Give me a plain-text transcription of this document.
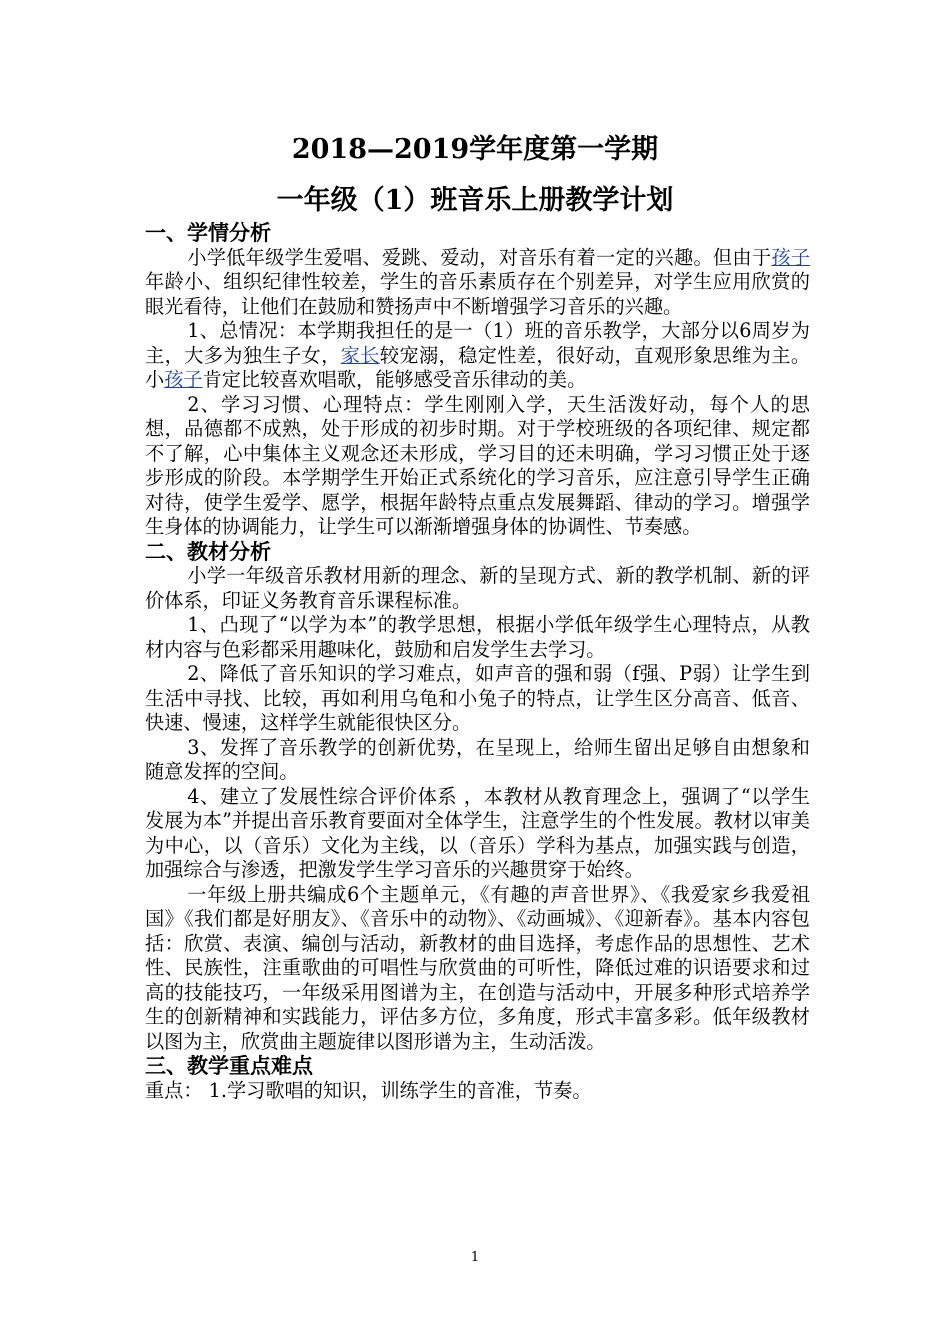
2018—2019学年度第一学期
一年级（1）班音乐上册教学计划
一、学情分析

小学低年级学生爱唱、爱跳、爱动，对音乐有着一定的兴趣。但由于孩子年龄小、组织纪律性较差，学生的音乐素质存在个别差异，对学生应用欣赏的眼光看待，让他们在鼓励和赞扬声中不断增强学习音乐的兴趣。

1、总情况：本学期我担任的是一（1）班的音乐教学，大部分以6周岁为主，大多为独生子女，家长较宠溺，稳定性差，很好动，直观形象思维为主。小孩子肯定比较喜欢唱歌，能够感受音乐律动的美。

2、学习习惯、心理特点：学生刚刚入学，天生活泼好动，每个人的思想，品德都不成熟，处于形成的初步时期。对于学校班级的各项纪律、规定都不了解，心中集体主义观念还未形成，学习目的还未明确，学习习惯正处于逐步形成的阶段。本学期学生开始正式系统化的学习音乐，应注意引导学生正确对待，使学生爱学、愿学，根据年龄特点重点发展舞蹈、律动的学习。增强学生身体的协调能力，让学生可以渐渐增强身体的协调性、节奏感。

二、教材分析

小学一年级音乐教材用新的理念、新的呈现方式、新的教学机制、新的评价体系，印证义务教育音乐课程标准。

1、凸现了“以学为本”的教学思想，根据小学低年级学生心理特点，从教材内容与色彩都采用趣味化，鼓励和启发学生去学习。

2、降低了音乐知识的学习难点，如声音的强和弱（f强、P弱）让学生到生活中寻找、比较，再如利用乌龟和小兔子的特点，让学生区分高音、低音、快速、慢速，这样学生就能很快区分。

3、发挥了音乐教学的创新优势，在呈现上，给师生留出足够自由想象和随意发挥的空间。

4、建立了发展性综合评价体系 ，本教材从教育理念上，强调了“以学生发展为本”并提出音乐教育要面对全体学生，注意学生的个性发展。教材以审美为中心，以（音乐）文化为主线，以（音乐）学科为基点，加强实践与创造，加强综合与渗透，把激发学生学习音乐的兴趣贯穿于始终。

一年级上册共编成6个主题单元，《有趣的声音世界》、《我爱家乡我爱祖国》《我们都是好朋友》、《音乐中的动物》、《动画城》、《迎新春》。基本内容包括：欣赏、表演、编创与活动，新教材的曲目选择，考虑作品的思想性、艺术性、民族性，注重歌曲的可唱性与欣赏曲的可听性，降低过难的识语要求和过高的技能技巧，一年级采用图谱为主，在创造与活动中，开展多种形式培养学生的创新精神和实践能力，评估多方位，多角度，形式丰富多彩。低年级教材以图为主，欣赏曲主题旋律以图形谱为主，生动活泼。

三、教学重点难点

重点： 1.学习歌唱的知识，训练学生的音准，节奏。

1
